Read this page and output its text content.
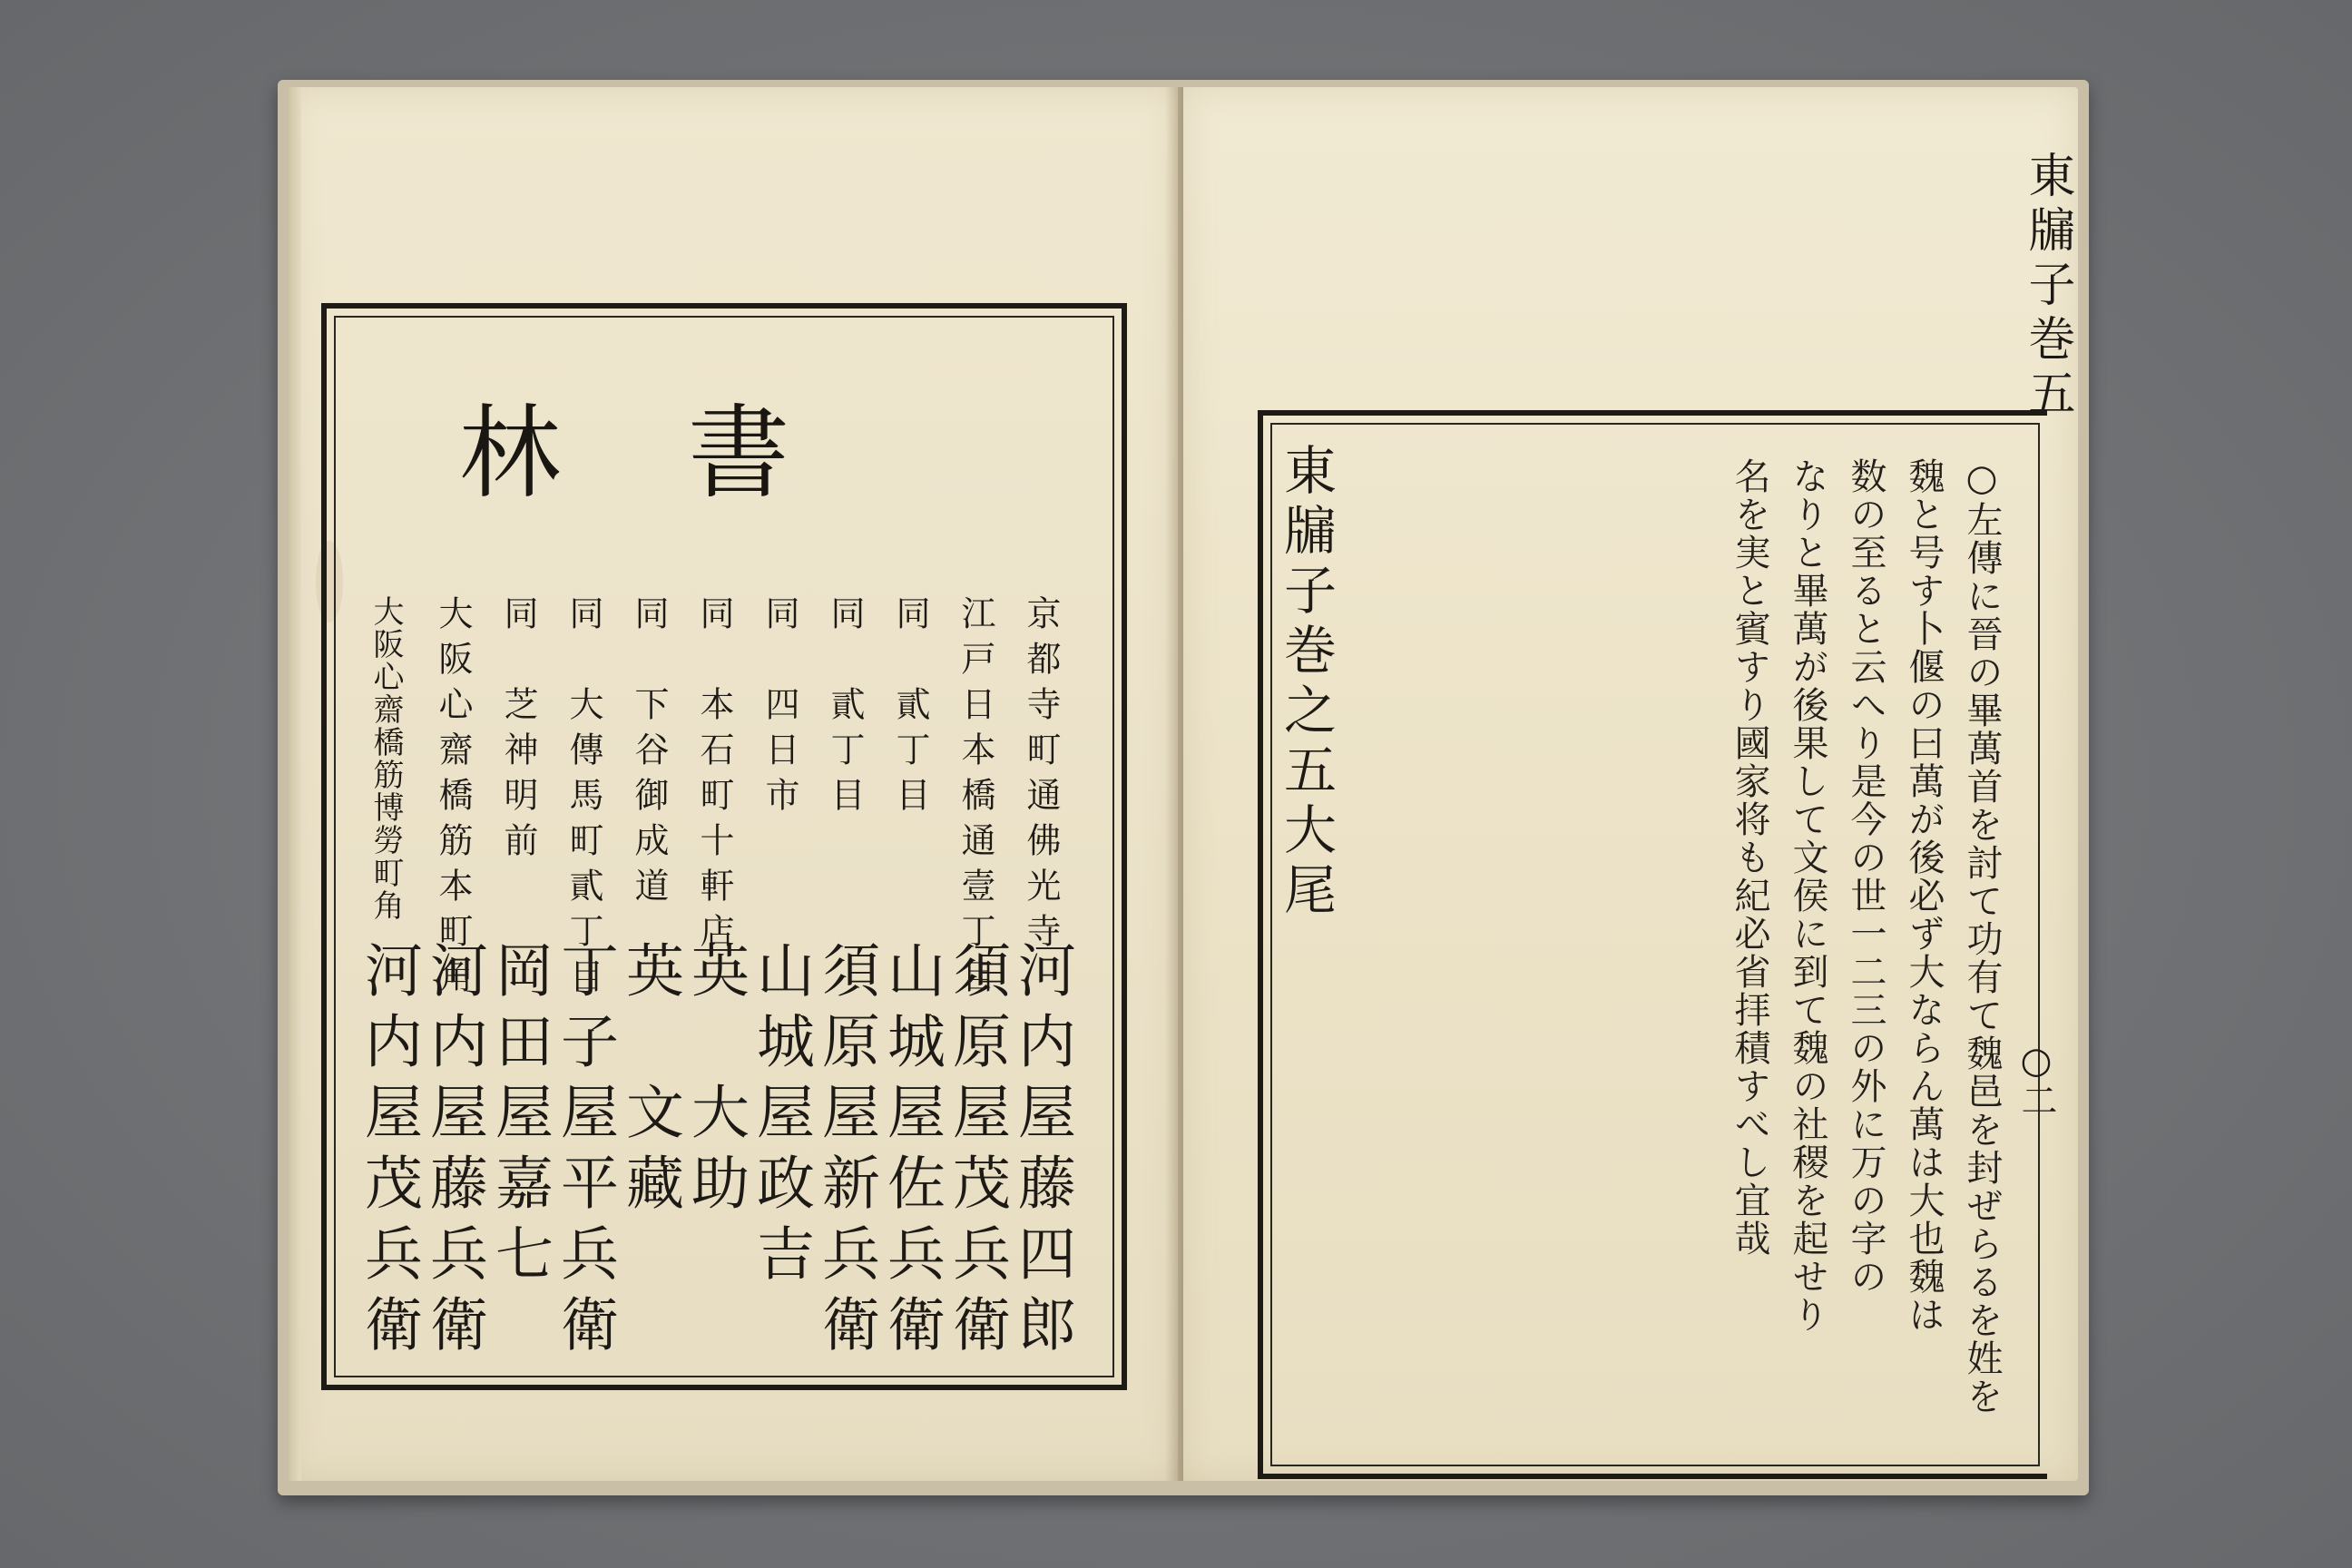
書林
京都寺町通佛光寺
河内屋藤四郎
江戸日本橋通壹丁目
須原屋茂兵衛
同　貳丁目
山城屋佐兵衛
同　貳丁目
須原屋新兵衛
同　四日市
山城屋政吉
同　本石町十軒店
英　大助
同　下谷御成道
英　文藏
同　大傳馬町貳丁目
丁子屋平兵衛
同　芝神明前
岡田屋嘉七
大阪心齋橋筋本町角
河内屋藤兵衛
大阪心齋橋筋博勞町角
河内屋茂兵衛

東牖子巻五
東牖子巻之五大尾	○左傳に晉の畢萬首を討て功有て魏邑を封ぜらるを姓を
魏と号す卜偃の曰萬が後必ず大ならん萬は大也魏は
数の至ると云へり是今の世一二三の外に万の字の
なりと畢萬が後果して文侯に到て魏の社稷を起せり
名を実と賓すり國家将も紀必省拝積すべし宜哉	○二
